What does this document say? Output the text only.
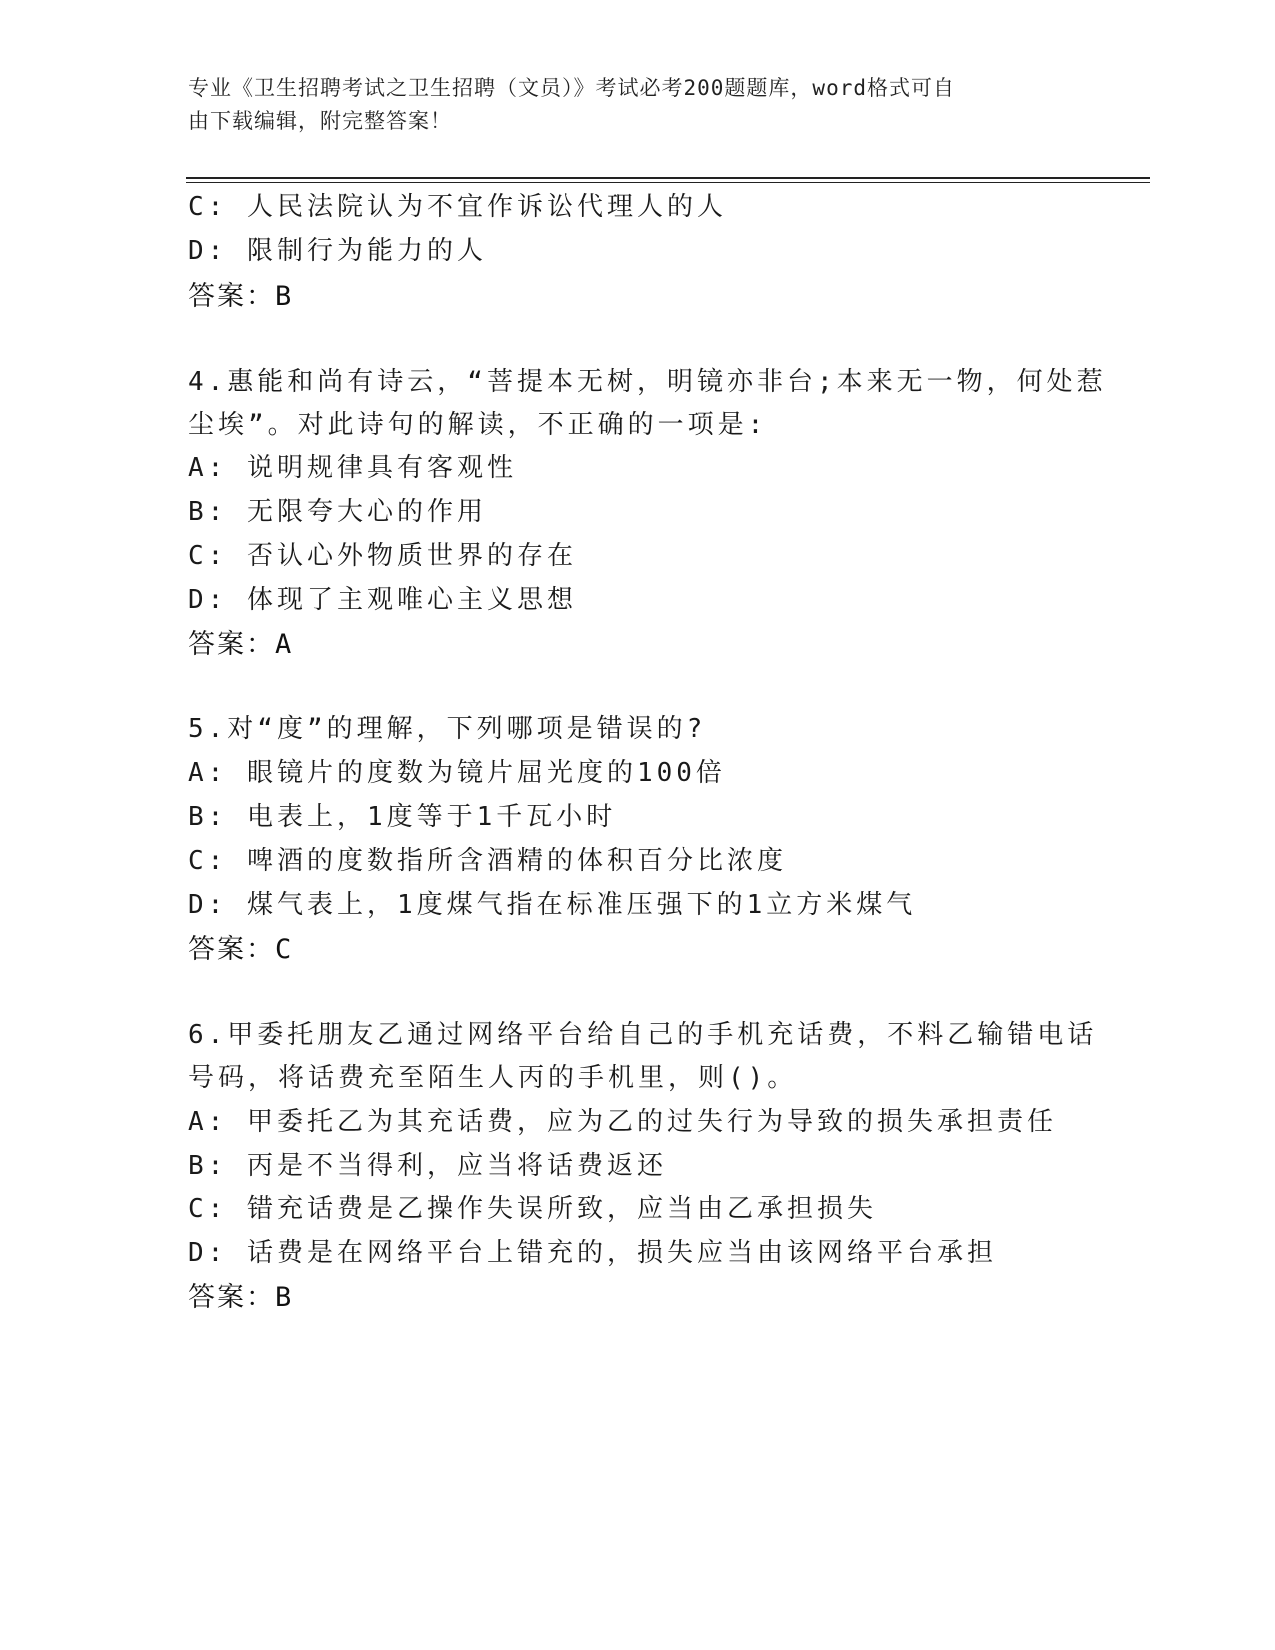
专业《卫生招聘考试之卫生招聘（文员）》考试必考200题题库，word格式可自
由下载编辑，附完整答案！
C: 人民法院认为不宜作诉讼代理人的人
D: 限制行为能力的人
答案：B
4.惠能和尚有诗云，“菩提本无树，明镜亦非台;本来无一物，何处惹
尘埃”。对此诗句的解读，不正确的一项是:
A: 说明规律具有客观性
B: 无限夸大心的作用
C: 否认心外物质世界的存在
D: 体现了主观唯心主义思想
答案：A
5.对“度”的理解，下列哪项是错误的?
A: 眼镜片的度数为镜片屈光度的100倍
B: 电表上，1度等于1千瓦小时
C: 啤酒的度数指所含酒精的体积百分比浓度
D: 煤气表上，1度煤气指在标准压强下的1立方米煤气
答案：C
6.甲委托朋友乙通过网络平台给自己的手机充话费，不料乙输错电话
号码，将话费充至陌生人丙的手机里，则()。
A: 甲委托乙为其充话费，应为乙的过失行为导致的损失承担责任
B: 丙是不当得利，应当将话费返还
C: 错充话费是乙操作失误所致，应当由乙承担损失
D: 话费是在网络平台上错充的，损失应当由该网络平台承担
答案：B
